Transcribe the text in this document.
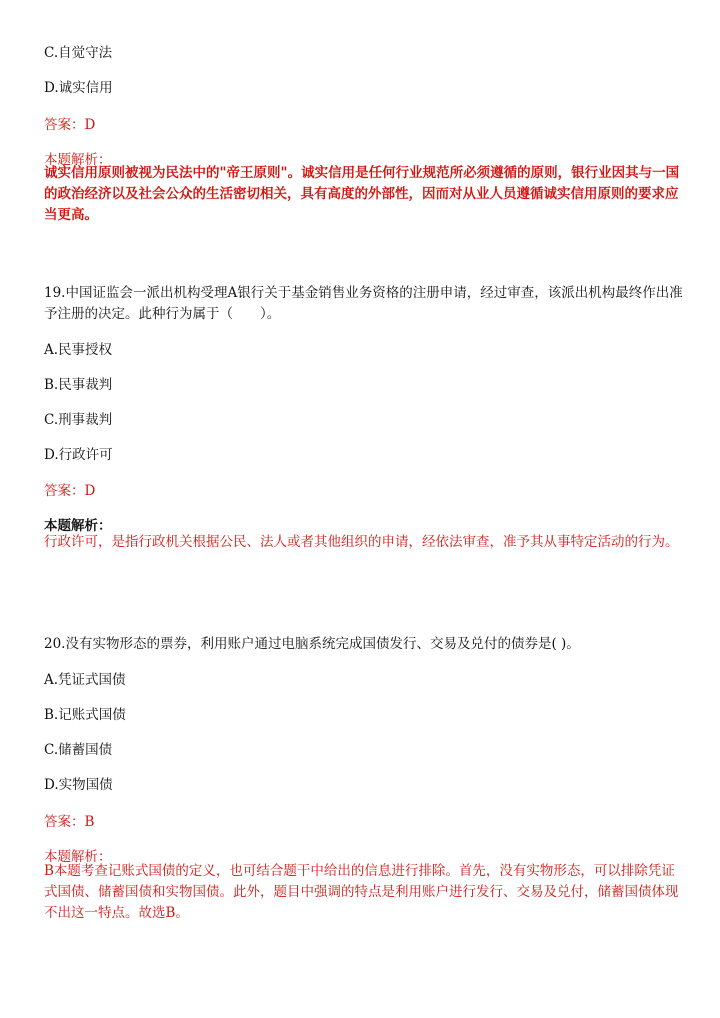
C.自觉守法
D.诚实信用
答案：D
本题解析：
诚实信用原则被视为民法中的"帝王原则"。诚实信用是任何行业规范所必须遵循的原则，银行业因其与一国的政治经济以及社会公众的生活密切相关，具有高度的外部性，因而对从业人员遵循诚实信用原则的要求应当更高。
19.中国证监会一派出机构受理A银行关于基金销售业务资格的注册申请，经过审查，该派出机构最终作出准予注册的决定。此种行为属于（　　）。
A.民事授权
B.民事裁判
C.刑事裁判
D.行政许可
答案：D
本题解析：
行政许可，是指行政机关根据公民、法人或者其他组织的申请，经依法审查，准予其从事特定活动的行为。
20.没有实物形态的票券，利用账户通过电脑系统完成国债发行、交易及兑付的债券是( )。
A.凭证式国债
B.记账式国债
C.储蓄国债
D.实物国债
答案：B
本题解析：
B本题考查记账式国债的定义，也可结合题干中给出的信息进行排除。首先，没有实物形态，可以排除凭证式国债、储蓄国债和实物国债。此外，题目中强调的特点是利用账户进行发行、交易及兑付，储蓄国债体现不出这一特点。故选B。
